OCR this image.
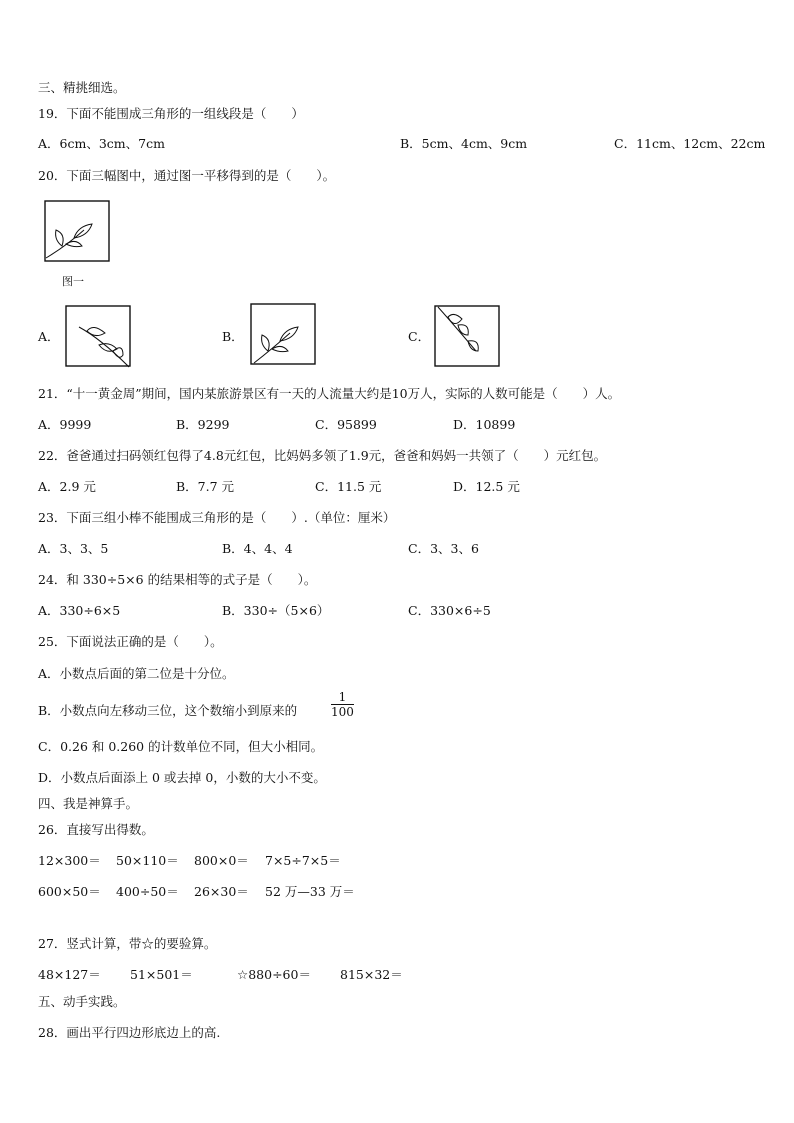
三、精挑细选。
19．下面不能围成三角形的一组线段是（　　）
A．6cm、3cm、7cm	B．5cm、4cm、9cm	C．11cm、12cm、22cm
20．下面三幅图中，通过图一平移得到的是（　　）。
图一
A．	B．	C．
21．“十一黄金周”期间，国内某旅游景区有一天的人流量大约是10万人，实际的人数可能是（　　）人。
A．9999	B．9299	C．95899	D．10899
22．爸爸通过扫码领红包得了4.8元红包，比妈妈多领了1.9元，爸爸和妈妈一共领了（　　）元红包。
A．2.9 元	B．7.7 元	C．11.5 元	D．12.5 元
23．下面三组小棒不能围成三角形的是（　　）.（单位：厘米）
A．3、3、5	B．4、4、4	C．3、3、6
24．和 330÷5×6 的结果相等的式子是（　　）。
A．330÷6×5	B．330÷（5×6）	C．330×6÷5
25．下面说法正确的是（　　）。
A．小数点后面的第二位是十分位。
B．小数点向左移动三位，这个数缩小到原来的	$\frac{1}{100}$
C．0.26 和 0.260 的计数单位不同，但大小相同。
D．小数点后面添上 0 或去掉 0，小数的大小不变。
四、我是神算手。
26．直接写出得数。
12×300＝ 50×110＝ 800×0＝ 7×5÷7×5＝
600×50＝ 400÷50＝ 26×30＝ 52 万—33 万＝
27．竖式计算，带☆的要验算。
48×127＝ 51×501＝	☆880÷60＝ 815×32＝
五、动手实践。
28．画出平行四边形底边上的高.
